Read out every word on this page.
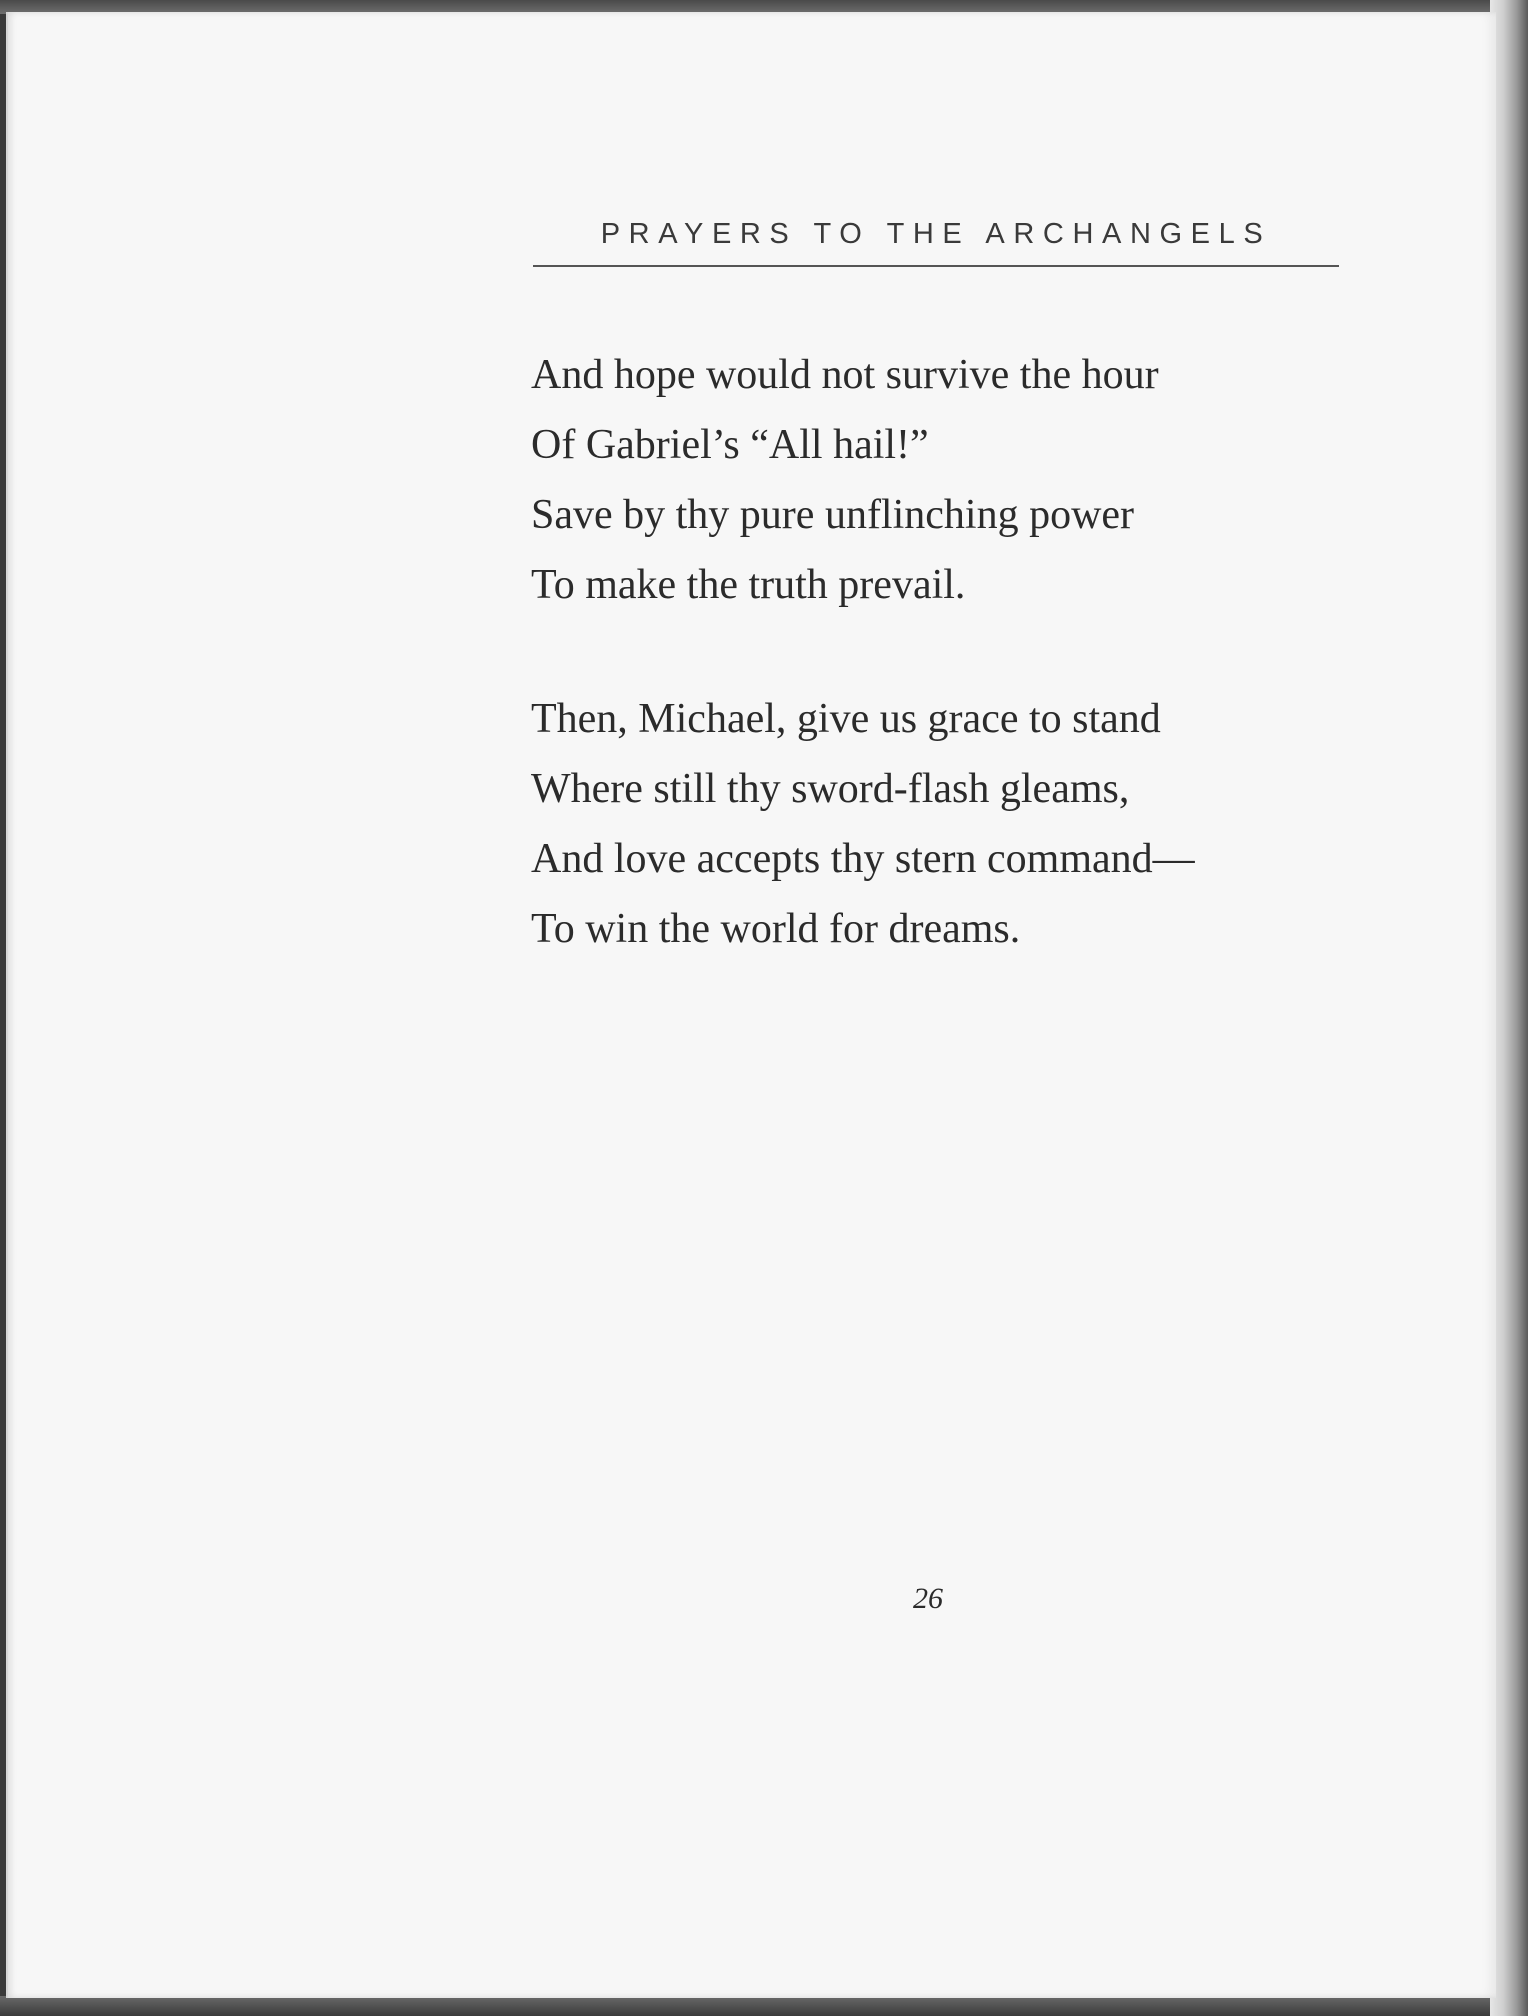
PRAYERS TO THE ARCHANGELS
And hope would not survive the hour
Of Gabriel’s “All hail!”
Save by thy pure unflinching power
To make the truth prevail.
Then, Michael, give us grace to stand
Where still thy sword-flash gleams,
And love accepts thy stern command—
To win the world for dreams.
26
